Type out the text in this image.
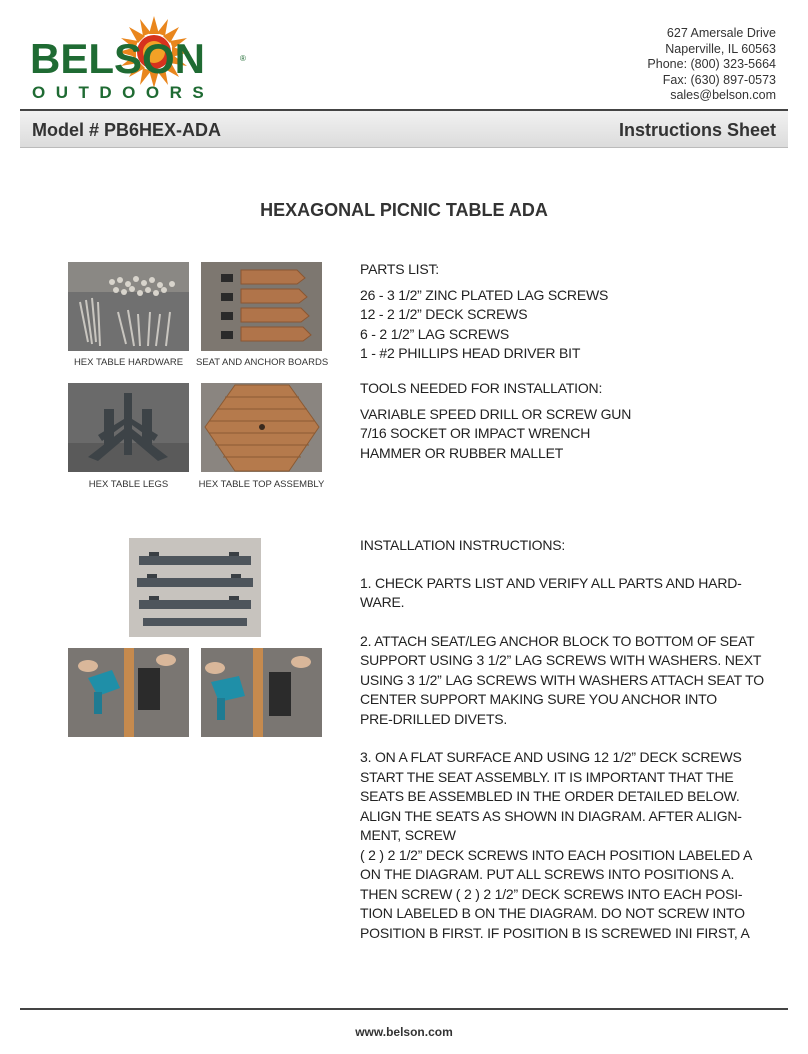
BELSON
OUTDOORS
®
627 Amersale Drive
Naperville, IL 60563
Phone: (800) 323-5664
Fax: (630) 897-0573
sales@belson.com
Model # PB6HEX-ADA	Instructions Sheet
HEXAGONAL PICNIC TABLE ADA
HEX TABLE HARDWARE	SEAT AND ANCHOR BOARDS
HEX TABLE LEGS	HEX TABLE TOP ASSEMBLY

PARTS LIST:

26 - 3 1/2” ZINC PLATED LAG SCREWS

12 - 2 1/2” DECK SCREWS

6 - 2 1/2” LAG SCREWS

1 - #2 PHILLIPS HEAD DRIVER BIT

TOOLS NEEDED FOR INSTALLATION:

VARIABLE SPEED DRILL OR SCREW GUN

7/16 SOCKET OR IMPACT WRENCH

HAMMER OR RUBBER MALLET

INSTALLATION INSTRUCTIONS:

1. CHECK PARTS LIST AND VERIFY ALL PARTS AND HARD-

WARE.

2. ATTACH SEAT/LEG ANCHOR BLOCK TO BOTTOM OF SEAT

SUPPORT USING 3 1/2” LAG SCREWS WITH WASHERS. NEXT

USING 3 1/2” LAG SCREWS WITH WASHERS ATTACH SEAT TO

CENTER SUPPORT MAKING SURE YOU ANCHOR INTO

PRE-DRILLED DIVETS.

3. ON A FLAT SURFACE AND USING 12 1/2” DECK SCREWS

START THE SEAT ASSEMBLY. IT IS IMPORTANT THAT THE

SEATS BE ASSEMBLED IN THE ORDER DETAILED BELOW.

ALIGN THE SEATS AS SHOWN IN DIAGRAM. AFTER ALIGN-

MENT, SCREW

( 2 ) 2 1/2” DECK SCREWS INTO EACH POSITION LABELED A

ON THE DIAGRAM. PUT ALL SCREWS INTO POSITIONS A.

THEN SCREW ( 2 ) 2 1/2” DECK SCREWS INTO EACH POSI-

TION LABELED B ON THE DIAGRAM. DO NOT SCREW INTO

POSITION B FIRST. IF POSITION B IS SCREWED INI FIRST, A

www.belson.com
